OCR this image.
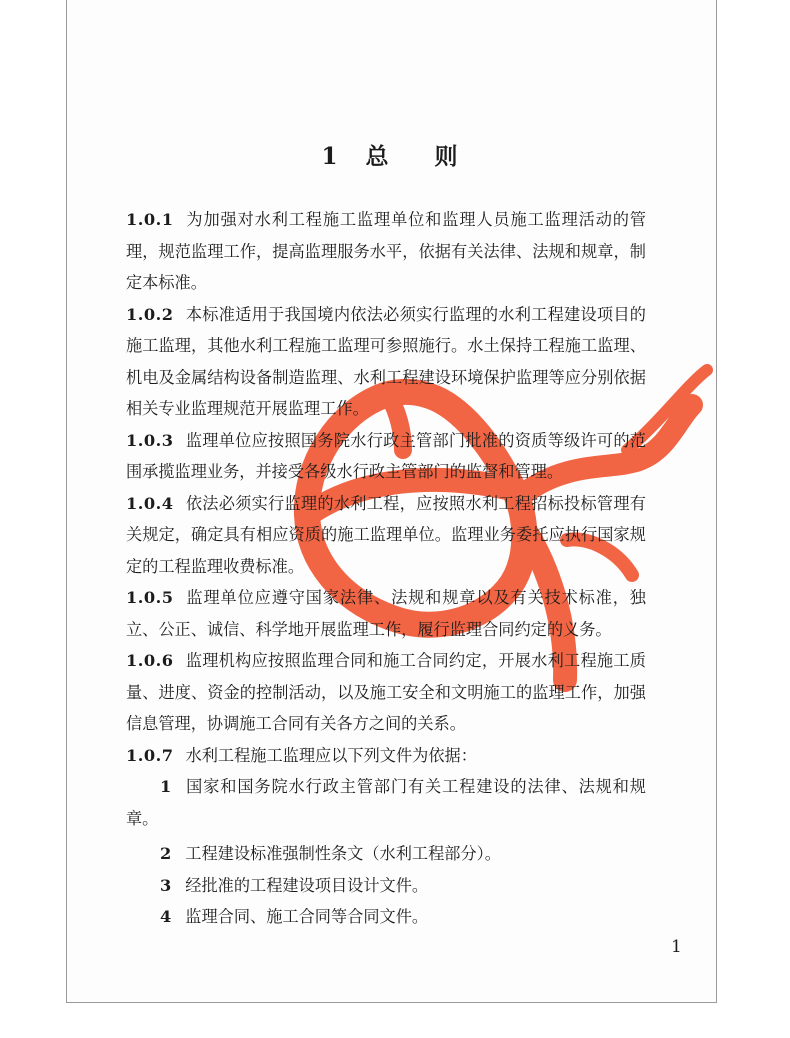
1 总 则
1

1.0.1 为加强对水利工程施工监理单位和监理人员施工监理活动的管理，规范监理工作，提高监理服务水平，依据有关法律、法规和规章，制定本标准。

1.0.2 本标准适用于我国境内依法必须实行监理的水利工程建设项目的施工监理，其他水利工程施工监理可参照施行。水土保持工程施工监理、机电及金属结构设备制造监理、水利工程建设环境保护监理等应分别依据相关专业监理规范开展监理工作。

1.0.3 监理单位应按照国务院水行政主管部门批准的资质等级许可的范围承揽监理业务，并接受各级水行政主管部门的监督和管理。

1.0.4 依法必须实行监理的水利工程，应按照水利工程招标投标管理有关规定，确定具有相应资质的施工监理单位。监理业务委托应执行国家规定的工程监理收费标准。

1.0.5 监理单位应遵守国家法律、法规和规章以及有关技术标准，独立、公正、诚信、科学地开展监理工作，履行监理合同约定的义务。

1.0.6 监理机构应按照监理合同和施工合同约定，开展水利工程施工质量、进度、资金的控制活动，以及施工安全和文明施工的监理工作，加强信息管理，协调施工合同有关各方之间的关系。

1.0.7 水利工程施工监理应以下列文件为依据：

1 国家和国务院水行政主管部门有关工程建设的法律、法规和规章。

2 工程建设标准强制性条文（水利工程部分）。

3 经批准的工程建设项目设计文件。

4 监理合同、施工合同等合同文件。
